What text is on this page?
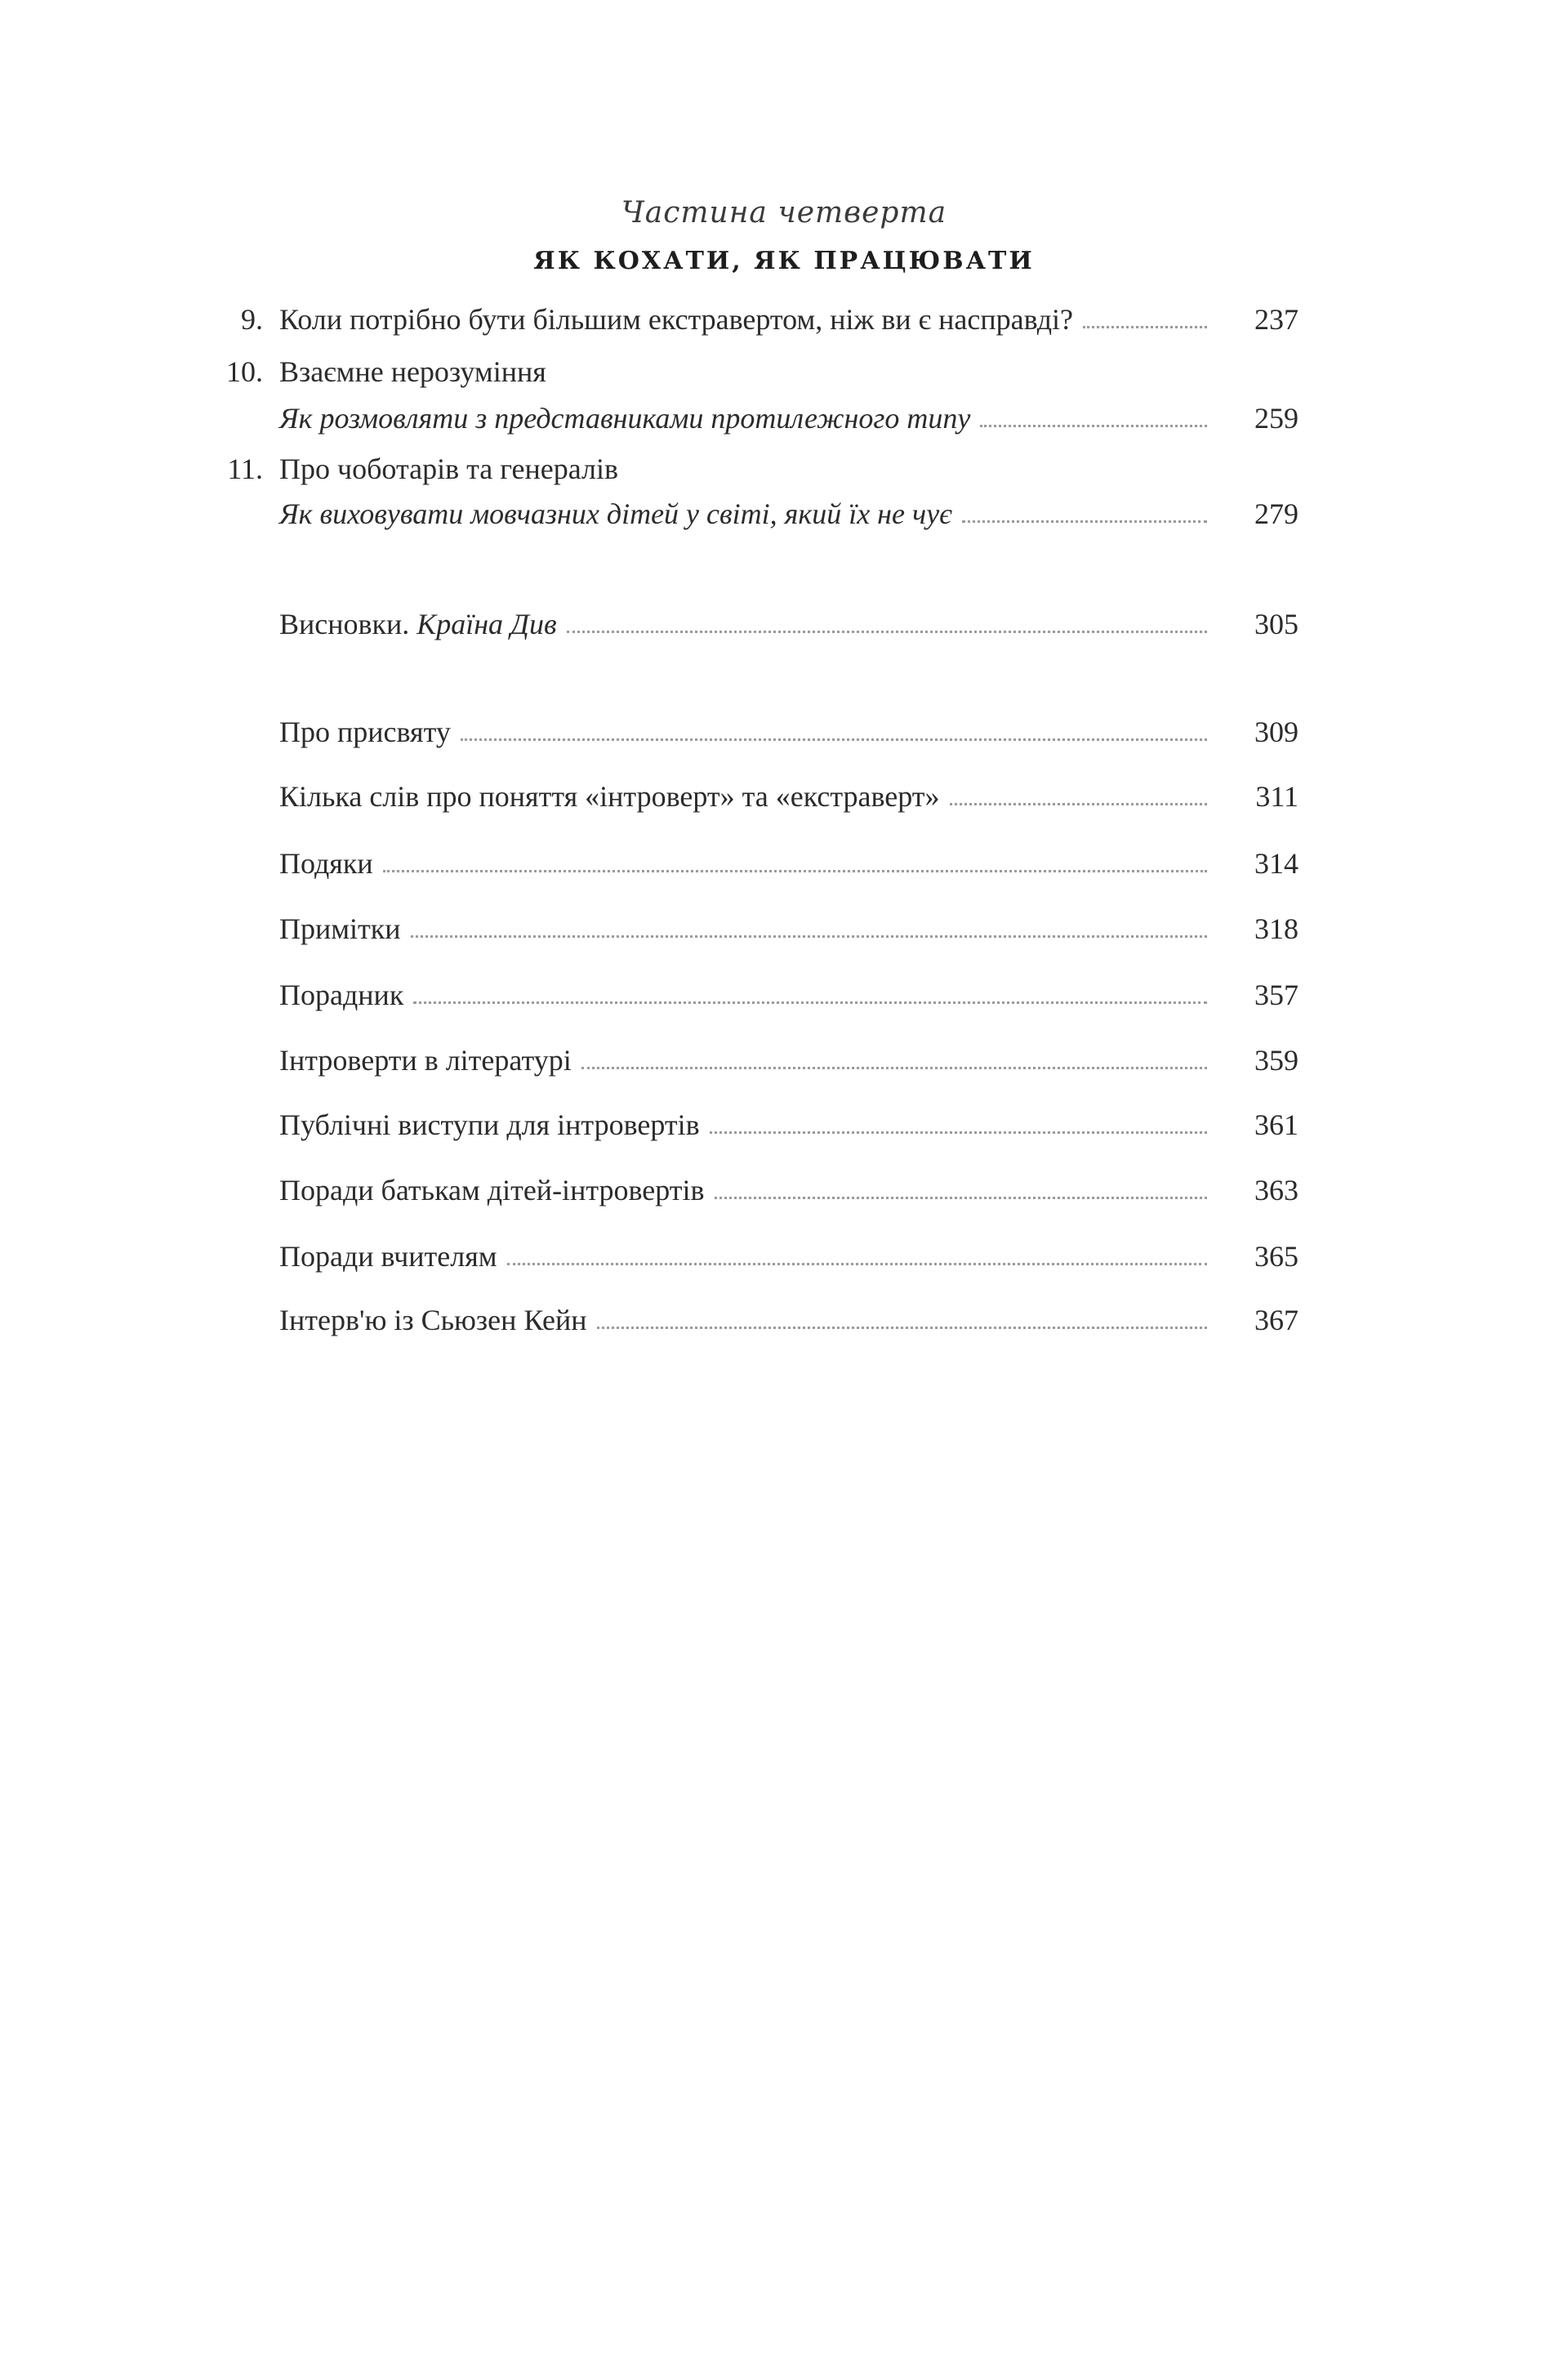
Частина четверта
ЯК КОХАТИ, ЯК ПРАЦЮВАТИ
9. Коли потрібно бути більшим екстравертом, ніж ви є насправді?	237
10. Взаємне нерозуміння
Як розмовляти з представниками протилежного типу	259
11. Про чоботарів та генералів
Як виховувати мовчазних дітей у світі, який їх не чує	279
Висновки. Країна Див	305
Про присвяту	309
Кілька слів про поняття «інтроверт» та «екстраверт»	311
Подяки	314
Примітки	318
Порадник	357
Інтроверти в літературі	359
Публічні виступи для інтровертів	361
Поради батькам дітей-інтровертів	363
Поради вчителям	365
Інтерв'ю із Сьюзен Кейн	367
